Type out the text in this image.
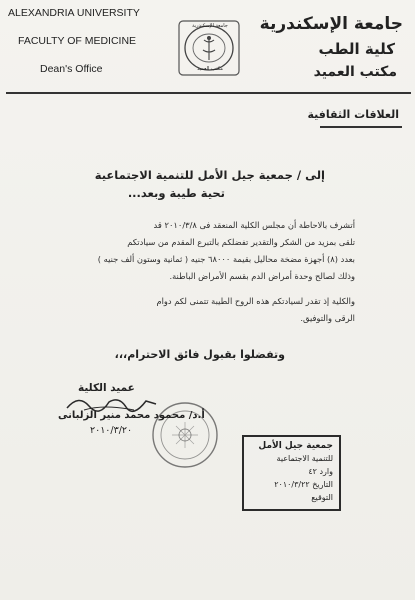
ALEXANDRIA UNIVERSITY
FACULTY OF MEDICINE
Dean's Office
جامعة الإسكندرية
مكتب العميد
جامعة الإسكندرية
كلية الطب
مكتب العميد
العلاقات الثقافية
إلى / جمعية جيل الأمل للتنمية الاجتماعية
تحية طيبة وبعد...
أتشرف بالاحاطة أن مجلس الكلية المنعقد فى ٢٠١٠/٣/٨ قد
تلقى بمزيد من الشكر والتقدير تفضلكم بالتبرع المقدم من سيادتكم
بعدد (٨) أجهزة مضخة محاليل بقيمة ٦٨٠٠٠ جنيه ( ثمانية وستون ألف جنيه )
وذلك لصالح وحدة أمراض الدم بقسم الأمراض الباطنة.
والكلية إذ تقدر لسيادتكم هذه الروح الطيبة تتمنى لكم دوام
الرقى والتوفيق.
وتفضلوا بقبول فائق الاحترام،،،
عميد الكلية
أ.د/ محمود محمد منير الزلبانى
٢٠١٠/٣/٢٠
جمعية جيل الأمل
للتنمية الاجتماعية
وارد ٤٢
التاريخ ٢٠١٠/٣/٢٢
التوقيع
